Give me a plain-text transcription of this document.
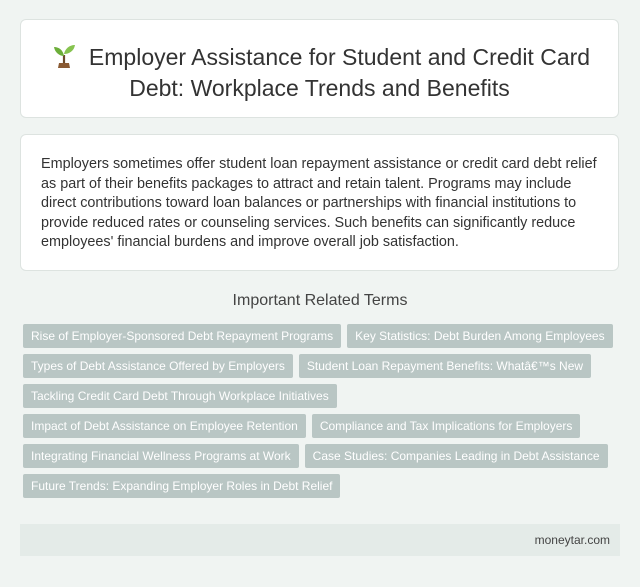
Employer Assistance for Student and Credit Card Debt: Workplace Trends and Benefits

Employers sometimes offer student loan repayment assistance or credit card debt relief as part of their benefits packages to attract and retain talent. Programs may include direct contributions toward loan balances or partnerships with financial institutions to provide reduced rates or counseling services. Such benefits can significantly reduce employees' financial burdens and improve overall job satisfaction.

Important Related Terms
Rise of Employer-Sponsored Debt Repayment Programs	Key Statistics: Debt Burden Among Employees
Types of Debt Assistance Offered by Employers	Student Loan Repayment Benefits: Whatâ€™s New
Tackling Credit Card Debt Through Workplace Initiatives
Impact of Debt Assistance on Employee Retention	Compliance and Tax Implications for Employers
Integrating Financial Wellness Programs at Work	Case Studies: Companies Leading in Debt Assistance
Future Trends: Expanding Employer Roles in Debt Relief
moneytar.com
